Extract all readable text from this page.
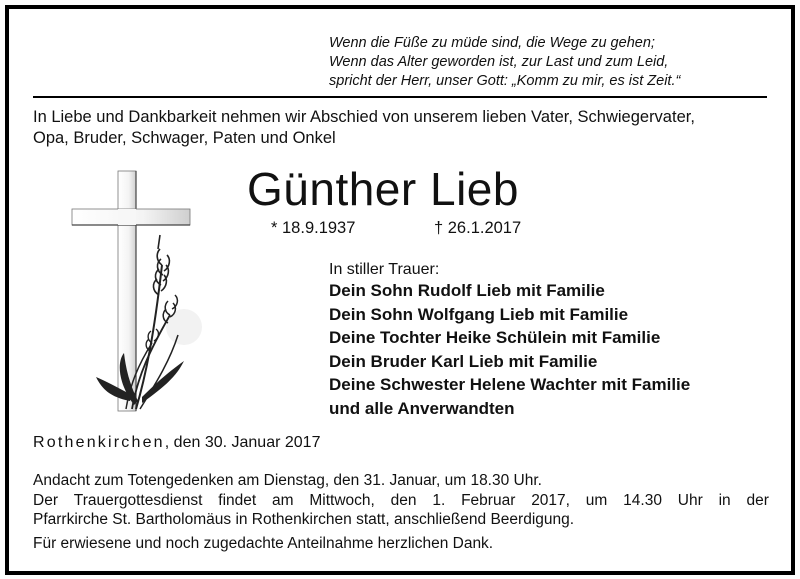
Wenn die Füße zu müde sind, die Wege zu gehen;
Wenn das Alter geworden ist, zur Last und zum Leid,
spricht der Herr, unser Gott: „Komm zu mir, es ist Zeit.“
In Liebe und Dankbarkeit nehmen wir Abschied von unserem lieben Vater, Schwiegervater,
Opa, Bruder, Schwager, Paten und Onkel
Günther Lieb
* 18.9.1937	† 26.1.2017
In stiller Trauer:
Dein Sohn Rudolf Lieb mit Familie
Dein Sohn Wolfgang Lieb mit Familie
Deine Tochter Heike Schülein mit Familie
Dein Bruder Karl Lieb mit Familie
Deine Schwester Helene Wachter mit Familie
und alle Anverwandten
Rothenkirchen, den 30. Januar 2017
Andacht zum Totengedenken am Dienstag, den 31. Januar, um 18.30 Uhr.
Der Trauergottesdienst findet am Mittwoch, den 1. Februar 2017, um 14.30 Uhr in der
Pfarrkirche St. Bartholomäus in Rothenkirchen statt, anschließend Beerdigung.
Für erwiesene und noch zugedachte Anteilnahme herzlichen Dank.
